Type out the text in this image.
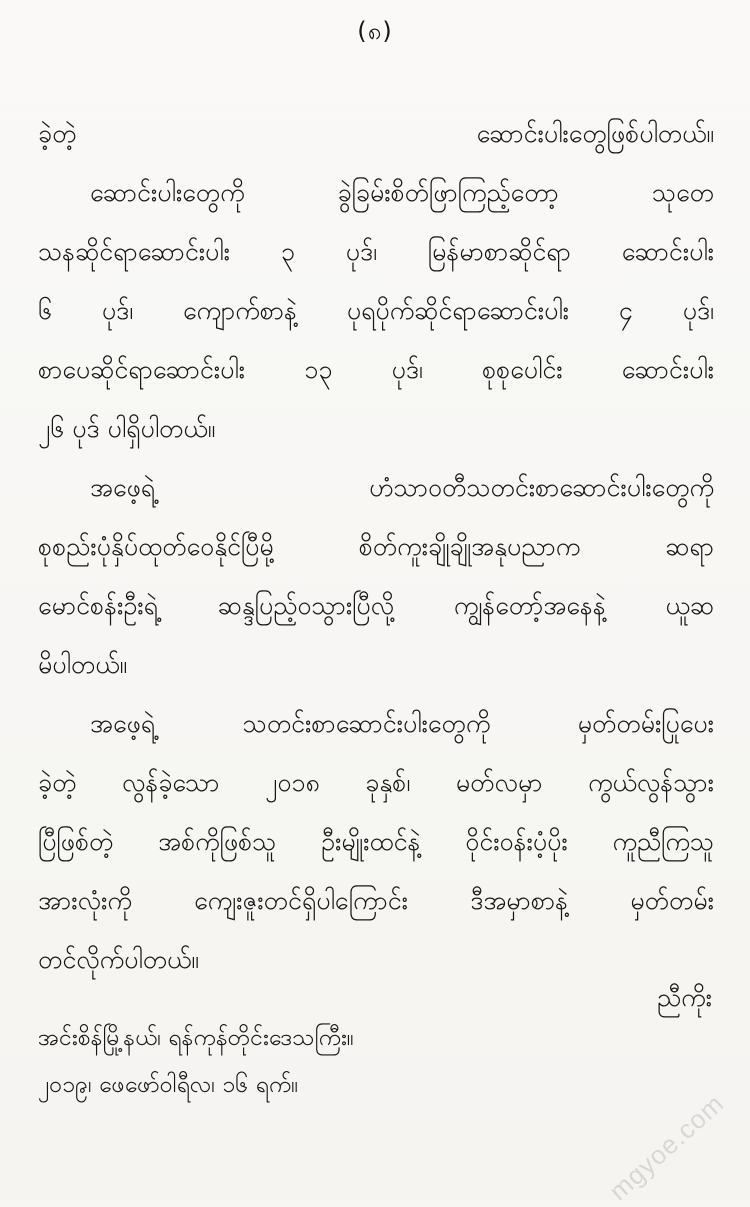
(၈)
ခဲ့တဲ့ ဆောင်းပါးတွေဖြစ်ပါတယ်။
ဆောင်းပါးတွေကို ခွဲခြမ်းစိတ်ဖြာကြည့်တော့ သုတေ
သနဆိုင်ရာဆောင်းပါး ၃ ပုဒ်၊ မြန်မာစာဆိုင်ရာ ဆောင်းပါး
၆ ပုဒ်၊ ကျောက်စာနဲ့ ပုရပိုက်ဆိုင်ရာဆောင်းပါး ၄ ပုဒ်၊
စာပေဆိုင်ရာဆောင်းပါး ၁၃ ပုဒ်၊ စုစုပေါင်း ဆောင်းပါး
၂၆ ပုဒ် ပါရှိပါတယ်။
အဖေ့ရဲ့ ဟံသာဝတီသတင်းစာဆောင်းပါးတွေကို
စုစည်းပုံနှိပ်ထုတ်ဝေနိုင်ပြီမို့ စိတ်ကူးချိုချိုအနုပညာက ဆရာ
မောင်စန်းဦးရဲ့ ဆန္ဒပြည့်ဝသွားပြီလို့ ကျွန်တော့်အနေနဲ့ ယူဆ
မိပါတယ်။
အဖေ့ရဲ့ သတင်းစာဆောင်းပါးတွေကို မှတ်တမ်းပြုပေး
ခဲ့တဲ့ လွန်ခဲ့သော ၂၀၁၈ ခုနှစ်၊ မတ်လမှာ ကွယ်လွန်သွား
ပြီဖြစ်တဲ့ အစ်ကိုဖြစ်သူ ဦးမျိုးထင်နဲ့ ဝိုင်းဝန်းပံ့ပိုး ကူညီကြသူ
အားလုံးကို ကျေးဇူးတင်ရှိပါကြောင်း ဒီအမှာစာနဲ့ မှတ်တမ်း
တင်လိုက်ပါတယ်။
ညီကိုး
အင်းစိန်မြို့နယ်၊ ရန်ကုန်တိုင်းဒေသကြီး။
၂၀၁၉၊ ဖေဖော်ဝါရီလ၊ ၁၆ ရက်။
mgyoe.com
